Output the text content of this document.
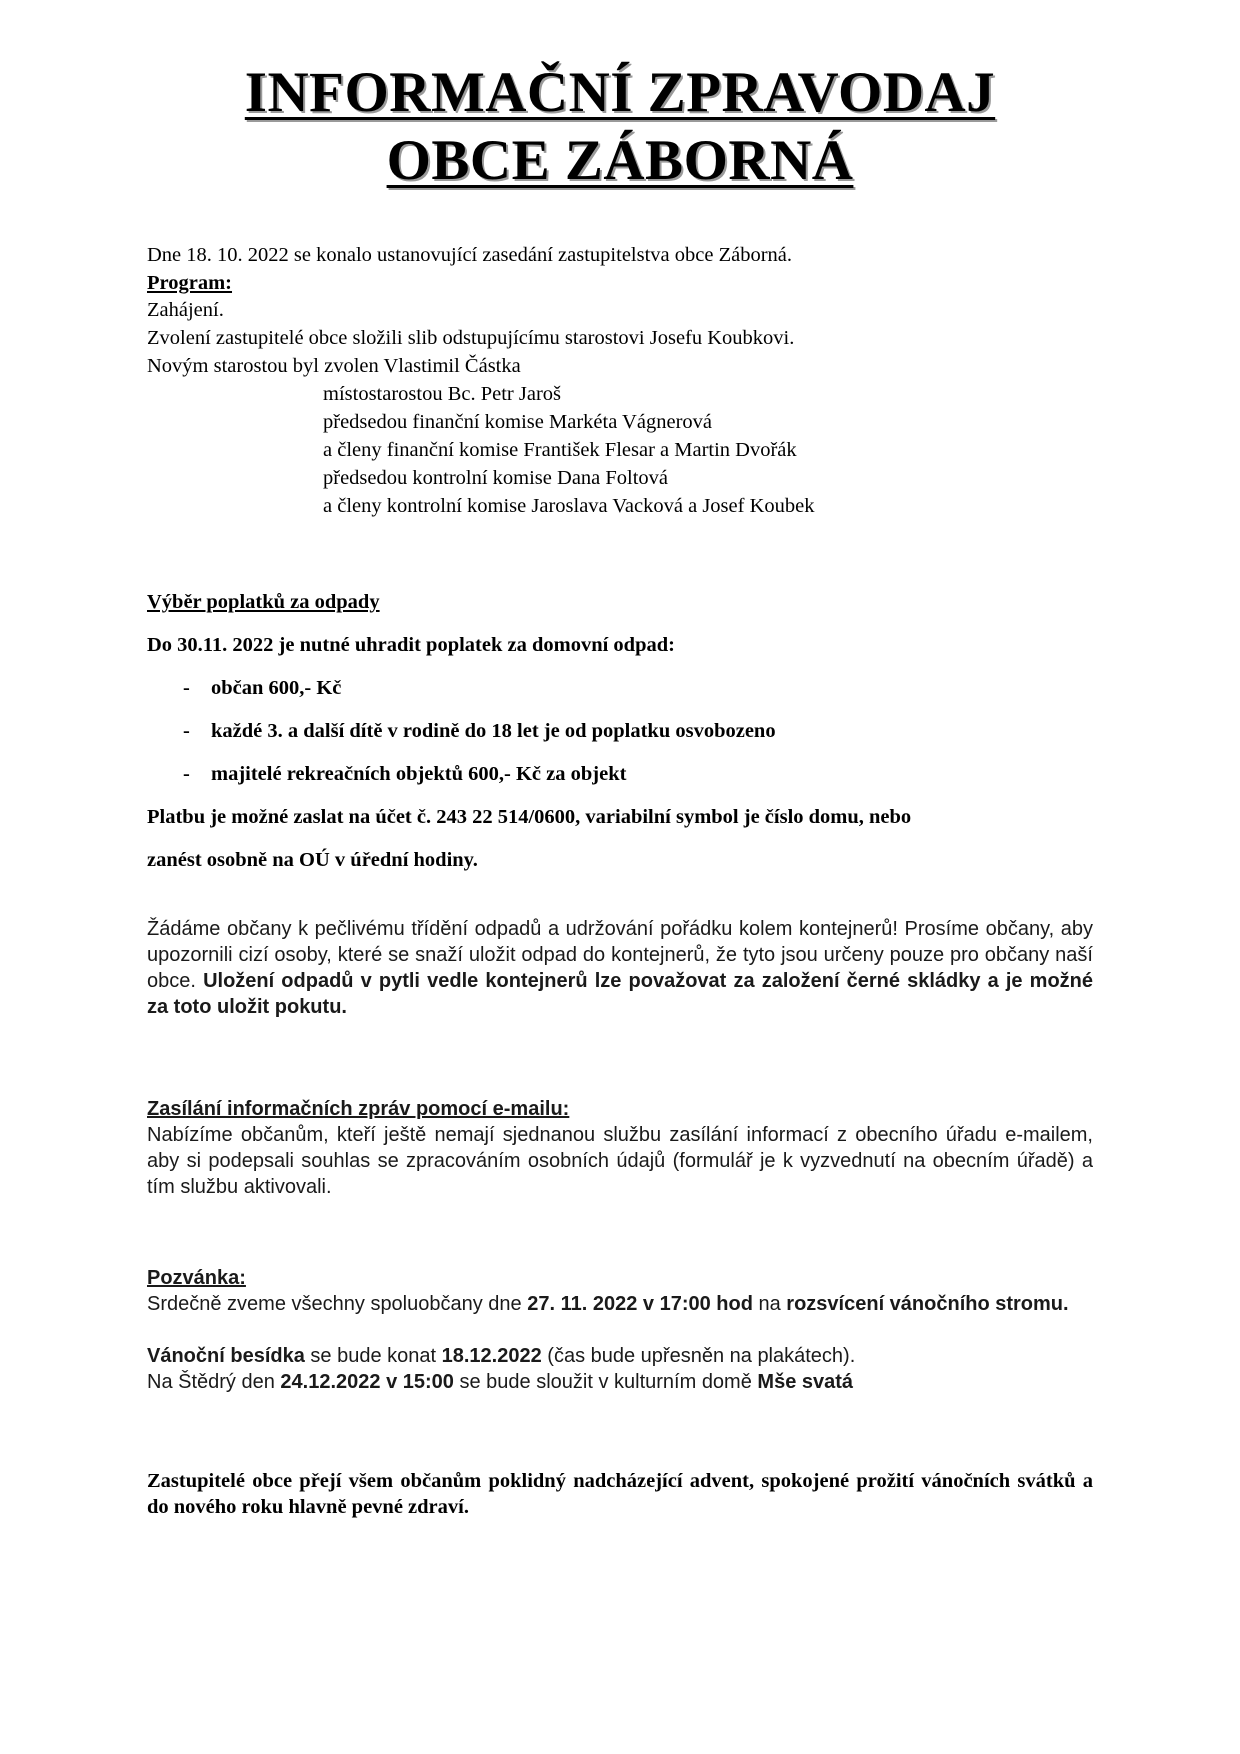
INFORMAČNÍ ZPRAVODAJ
OBCE ZÁBORNÁ
Dne 18. 10. 2022 se konalo ustanovující zasedání zastupitelstva obce Záborná.
Program:
Zahájení.
Zvolení zastupitelé obce složili slib odstupujícímu starostovi Josefu Koubkovi.
Novým starostou byl zvolen Vlastimil Částka
místostarostou Bc. Petr Jaroš
předsedou finanční komise Markéta Vágnerová
a členy finanční komise František Flesar a Martin Dvořák
předsedou kontrolní komise Dana Foltová
a členy kontrolní komise Jaroslava Vacková a Josef Koubek
Výběr poplatků za odpady
Do 30.11. 2022 je nutné uhradit poplatek za domovní odpad:
- občan 600,- Kč
- každé 3. a další dítě v rodině do 18 let je od poplatku osvobozeno
- majitelé rekreačních objektů 600,- Kč za objekt
Platbu je možné zaslat na účet č. 243 22 514/0600, variabilní symbol je číslo domu, nebo
zanést osobně na OÚ v úřední hodiny.
Žádáme občany k pečlivému třídění odpadů a udržování pořádku kolem kontejnerů! Prosíme občany, aby upozornili cizí osoby, které se snaží uložit odpad do kontejnerů, že tyto jsou určeny pouze pro občany naší obce. Uložení odpadů v pytli vedle kontejnerů lze považovat za založení černé skládky a je možné za toto uložit pokutu.
Zasílání informačních zpráv pomocí e-mailu:
Nabízíme občanům, kteří ještě nemají sjednanou službu zasílání informací z obecního úřadu e-mailem, aby si podepsali souhlas se zpracováním osobních údajů (formulář je k vyzvednutí na obecním úřadě) a tím službu aktivovali.
Pozvánka:
Srdečně zveme všechny spoluobčany dne 27. 11. 2022 v 17:00 hod na rozsvícení vánočního stromu.
Vánoční besídka se bude konat 18.12.2022 (čas bude upřesněn na plakátech).
Na Štědrý den 24.12.2022 v 15:00 se bude sloužit v kulturním domě Mše svatá
Zastupitelé obce přejí všem občanům poklidný nadcházející advent, spokojené prožití vánočních svátků a do nového roku hlavně pevné zdraví.
